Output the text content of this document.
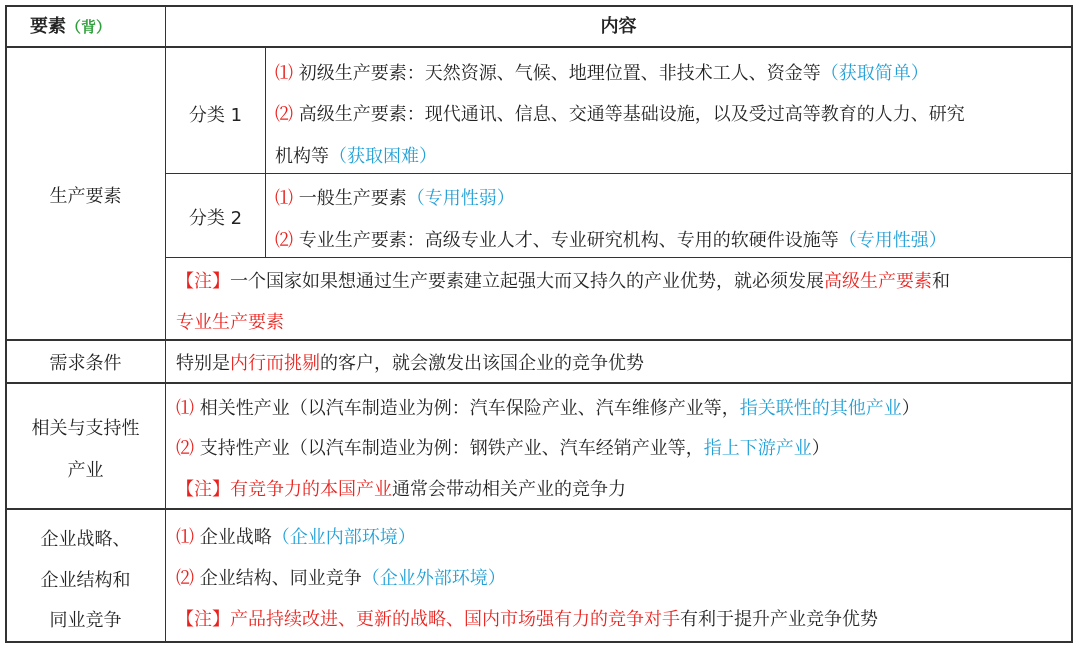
要素（背）	内容
生产要素
分类 1
分类 2
⑴ 初级生产要素：天然资源、气候、地理位置、非技术工人、资金等（获取简单）
⑵ 高级生产要素：现代通讯、信息、交通等基础设施，以及受过高等教育的人力、研究
机构等（获取困难）
⑴ 一般生产要素（专用性弱）
⑵ 专业生产要素：高级专业人才、专业研究机构、专用的软硬件设施等（专用性强）
【注】一个国家如果想通过生产要素建立起强大而又持久的产业优势，就必须发展高级生产要素和
专业生产要素
需求条件	特别是内行而挑剔的客户，就会激发出该国企业的竞争优势
相关与支持性
产业
⑴ 相关性产业（以汽车制造业为例：汽车保险产业、汽车维修产业等，指关联性的其他产业）
⑵ 支持性产业（以汽车制造业为例：钢铁产业、汽车经销产业等，指上下游产业）
【注】有竞争力的本国产业通常会带动相关产业的竞争力
企业战略、
企业结构和
同业竞争
⑴ 企业战略（企业内部环境）
⑵ 企业结构、同业竞争（企业外部环境）
【注】产品持续改进、更新的战略、国内市场强有力的竞争对手有利于提升产业竞争优势
